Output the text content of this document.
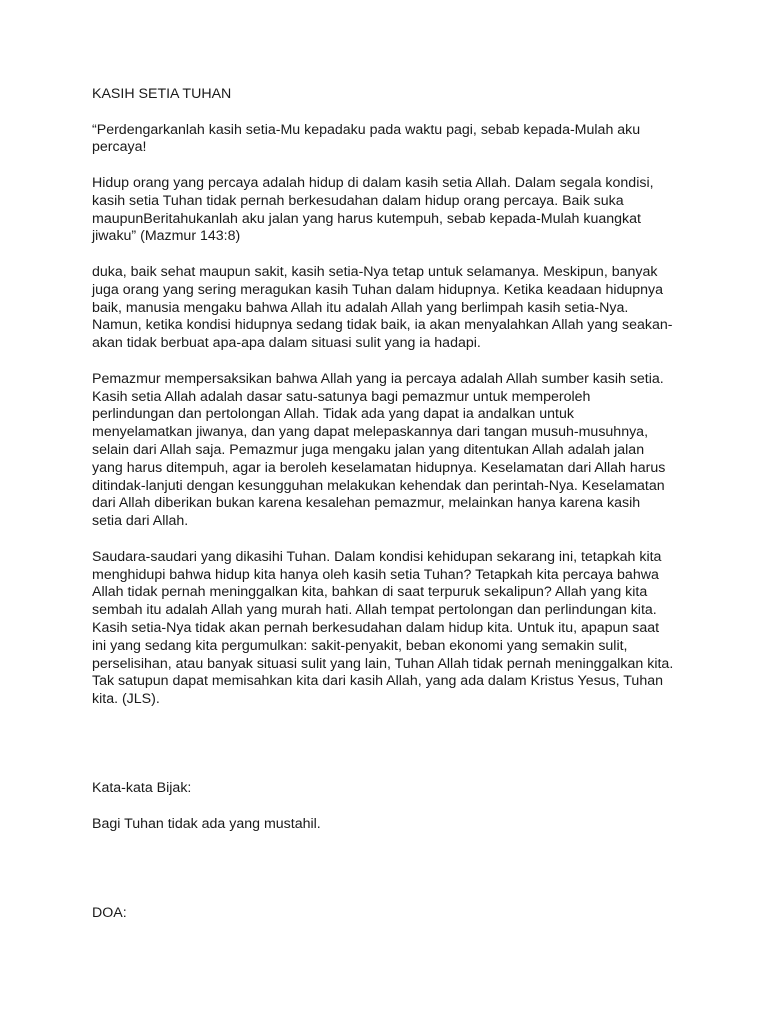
KASIH SETIA TUHAN
“Perdengarkanlah kasih setia-Mu kepadaku pada waktu pagi, sebab kepada-Mulah aku
percaya!
Hidup orang yang percaya adalah hidup di dalam kasih setia Allah. Dalam segala kondisi,
kasih setia Tuhan tidak pernah berkesudahan dalam hidup orang percaya. Baik suka
maupunBeritahukanlah aku jalan yang harus kutempuh, sebab kepada-Mulah kuangkat
jiwaku” (Mazmur 143:8)
duka, baik sehat maupun sakit, kasih setia-Nya tetap untuk selamanya. Meskipun, banyak
juga orang yang sering meragukan kasih Tuhan dalam hidupnya. Ketika keadaan hidupnya
baik, manusia mengaku bahwa Allah itu adalah Allah yang berlimpah kasih setia-Nya.
Namun, ketika kondisi hidupnya sedang tidak baik, ia akan menyalahkan Allah yang seakan-
akan tidak berbuat apa-apa dalam situasi sulit yang ia hadapi.
Pemazmur mempersaksikan bahwa Allah yang ia percaya adalah Allah sumber kasih setia.
Kasih setia Allah adalah dasar satu-satunya bagi pemazmur untuk memperoleh
perlindungan dan pertolongan Allah. Tidak ada yang dapat ia andalkan untuk
menyelamatkan jiwanya, dan yang dapat melepaskannya dari tangan musuh-musuhnya,
selain dari Allah saja. Pemazmur juga mengaku jalan yang ditentukan Allah adalah jalan
yang harus ditempuh, agar ia beroleh keselamatan hidupnya. Keselamatan dari Allah harus
ditindak-lanjuti dengan kesungguhan melakukan kehendak dan perintah-Nya. Keselamatan
dari Allah diberikan bukan karena kesalehan pemazmur, melainkan hanya karena kasih
setia dari Allah.
Saudara-saudari yang dikasihi Tuhan. Dalam kondisi kehidupan sekarang ini, tetapkah kita
menghidupi bahwa hidup kita hanya oleh kasih setia Tuhan? Tetapkah kita percaya bahwa
Allah tidak pernah meninggalkan kita, bahkan di saat terpuruk sekalipun? Allah yang kita
sembah itu adalah Allah yang murah hati. Allah tempat pertolongan dan perlindungan kita.
Kasih setia-Nya tidak akan pernah berkesudahan dalam hidup kita. Untuk itu, apapun saat
ini yang sedang kita pergumulkan: sakit-penyakit, beban ekonomi yang semakin sulit,
perselisihan, atau banyak situasi sulit yang lain, Tuhan Allah tidak pernah meninggalkan kita.
Tak satupun dapat memisahkan kita dari kasih Allah, yang ada dalam Kristus Yesus, Tuhan
kita. (JLS).
Kata-kata Bijak:
Bagi Tuhan tidak ada yang mustahil.
DOA:
